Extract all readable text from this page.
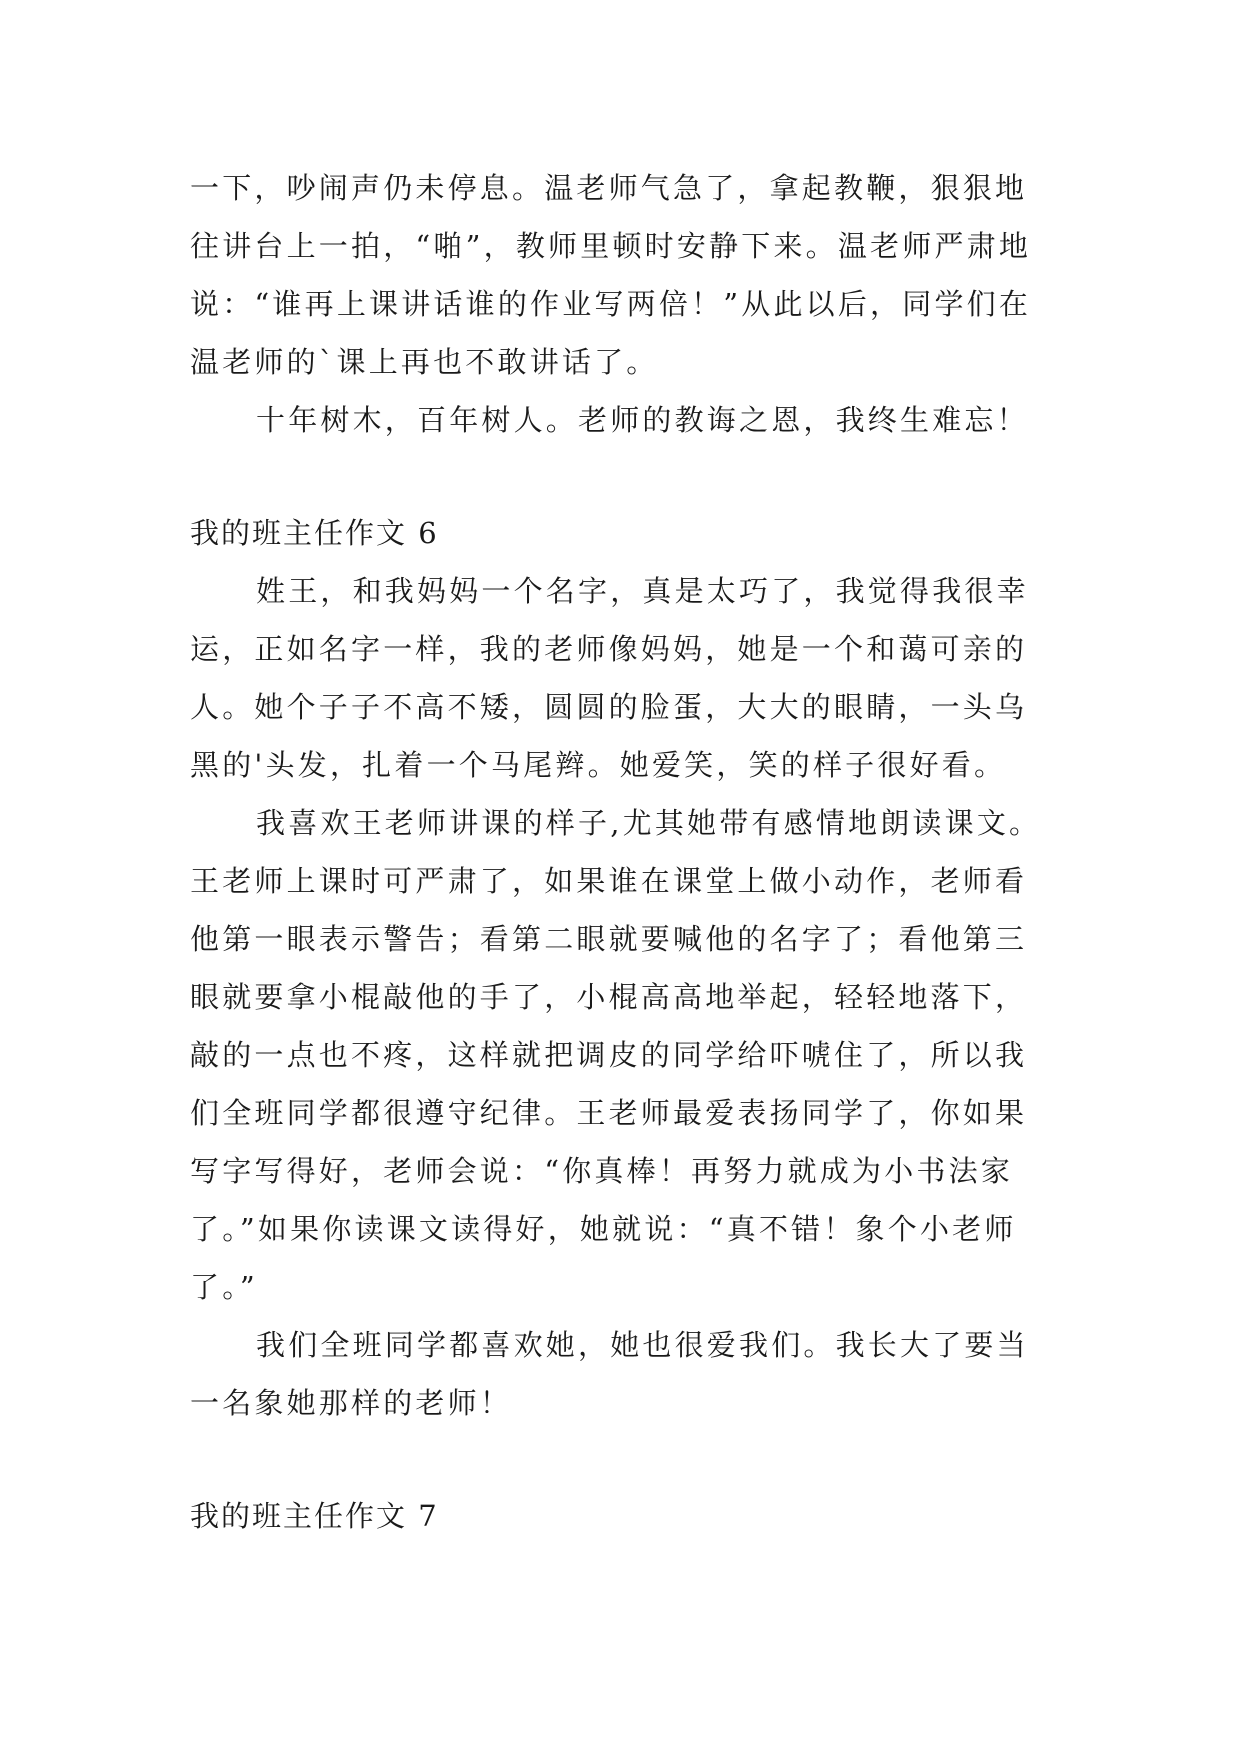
一下，吵闹声仍未停息。温老师气急了，拿起教鞭，狠狠地

往讲台上一拍，“啪”，教师里顿时安静下来。温老师严肃地

说：“谁再上课讲话谁的作业写两倍！”从此以后，同学们在

温老师的`课上再也不敢讲话了。

十年树木，百年树人。老师的教诲之恩，我终生难忘！

我的班主任作文 6

姓王，和我妈妈一个名字，真是太巧了，我觉得我很幸

运，正如名字一样，我的老师像妈妈，她是一个和蔼可亲的

人。她个子子不高不矮，圆圆的脸蛋，大大的眼睛，一头乌

黑的'头发，扎着一个马尾辫。她爱笑，笑的样子很好看。

我喜欢王老师讲课的样子,尤其她带有感情地朗读课文。

王老师上课时可严肃了，如果谁在课堂上做小动作，老师看

他第一眼表示警告；看第二眼就要喊他的名字了；看他第三

眼就要拿小棍敲他的手了，小棍高高地举起，轻轻地落下，

敲的一点也不疼，这样就把调皮的同学给吓唬住了，所以我

们全班同学都很遵守纪律。王老师最爱表扬同学了，你如果

写字写得好，老师会说：“你真棒！再努力就成为小书法家

了。”如果你读课文读得好，她就说：“真不错！象个小老师

了。”

我们全班同学都喜欢她，她也很爱我们。我长大了要当

一名象她那样的老师！

我的班主任作文 7
